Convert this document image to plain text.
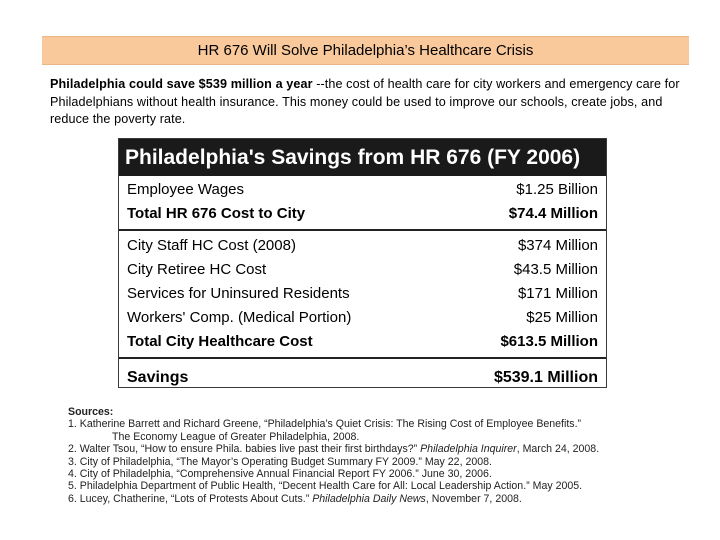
HR 676 Will Solve Philadelphia’s Healthcare Crisis
Philadelphia could save $539 million a year --the cost of health care for city workers and emergency care for Philadelphians without health insurance. This money could be used to improve our schools, create jobs, and reduce the poverty rate.
Philadelphia's Savings from HR 676 (FY 2006)
Employee Wages	$1.25 Billion
Total HR 676 Cost to City	$74.4 Million
City Staff HC Cost (2008)	$374 Million
City Retiree HC Cost	$43.5 Million
Services for Uninsured Residents	$171 Million
Workers' Comp. (Medical Portion)	$25 Million
Total City Healthcare Cost	$613.5 Million
Savings	$539.1 Million
Sources:
1. Katherine Barrett and Richard Greene, “Philadelphia’s Quiet Crisis: The Rising Cost of Employee Benefits.”
The Economy League of Greater Philadelphia, 2008.
2. Walter Tsou, “How to ensure Phila. babies live past their first birthdays?” Philadelphia Inquirer, March 24, 2008.
3. City of Philadelphia, “The Mayor’s Operating Budget Summary FY 2009.” May 22, 2008.
4. City of Philadelphia, “Comprehensive Annual Financial Report FY 2006.” June 30, 2006.
5. Philadelphia Department of Public Health, “Decent Health Care for All: Local Leadership Action.” May 2005.
6. Lucey, Chatherine, “Lots of Protests About Cuts.” Philadelphia Daily News, November 7, 2008.
